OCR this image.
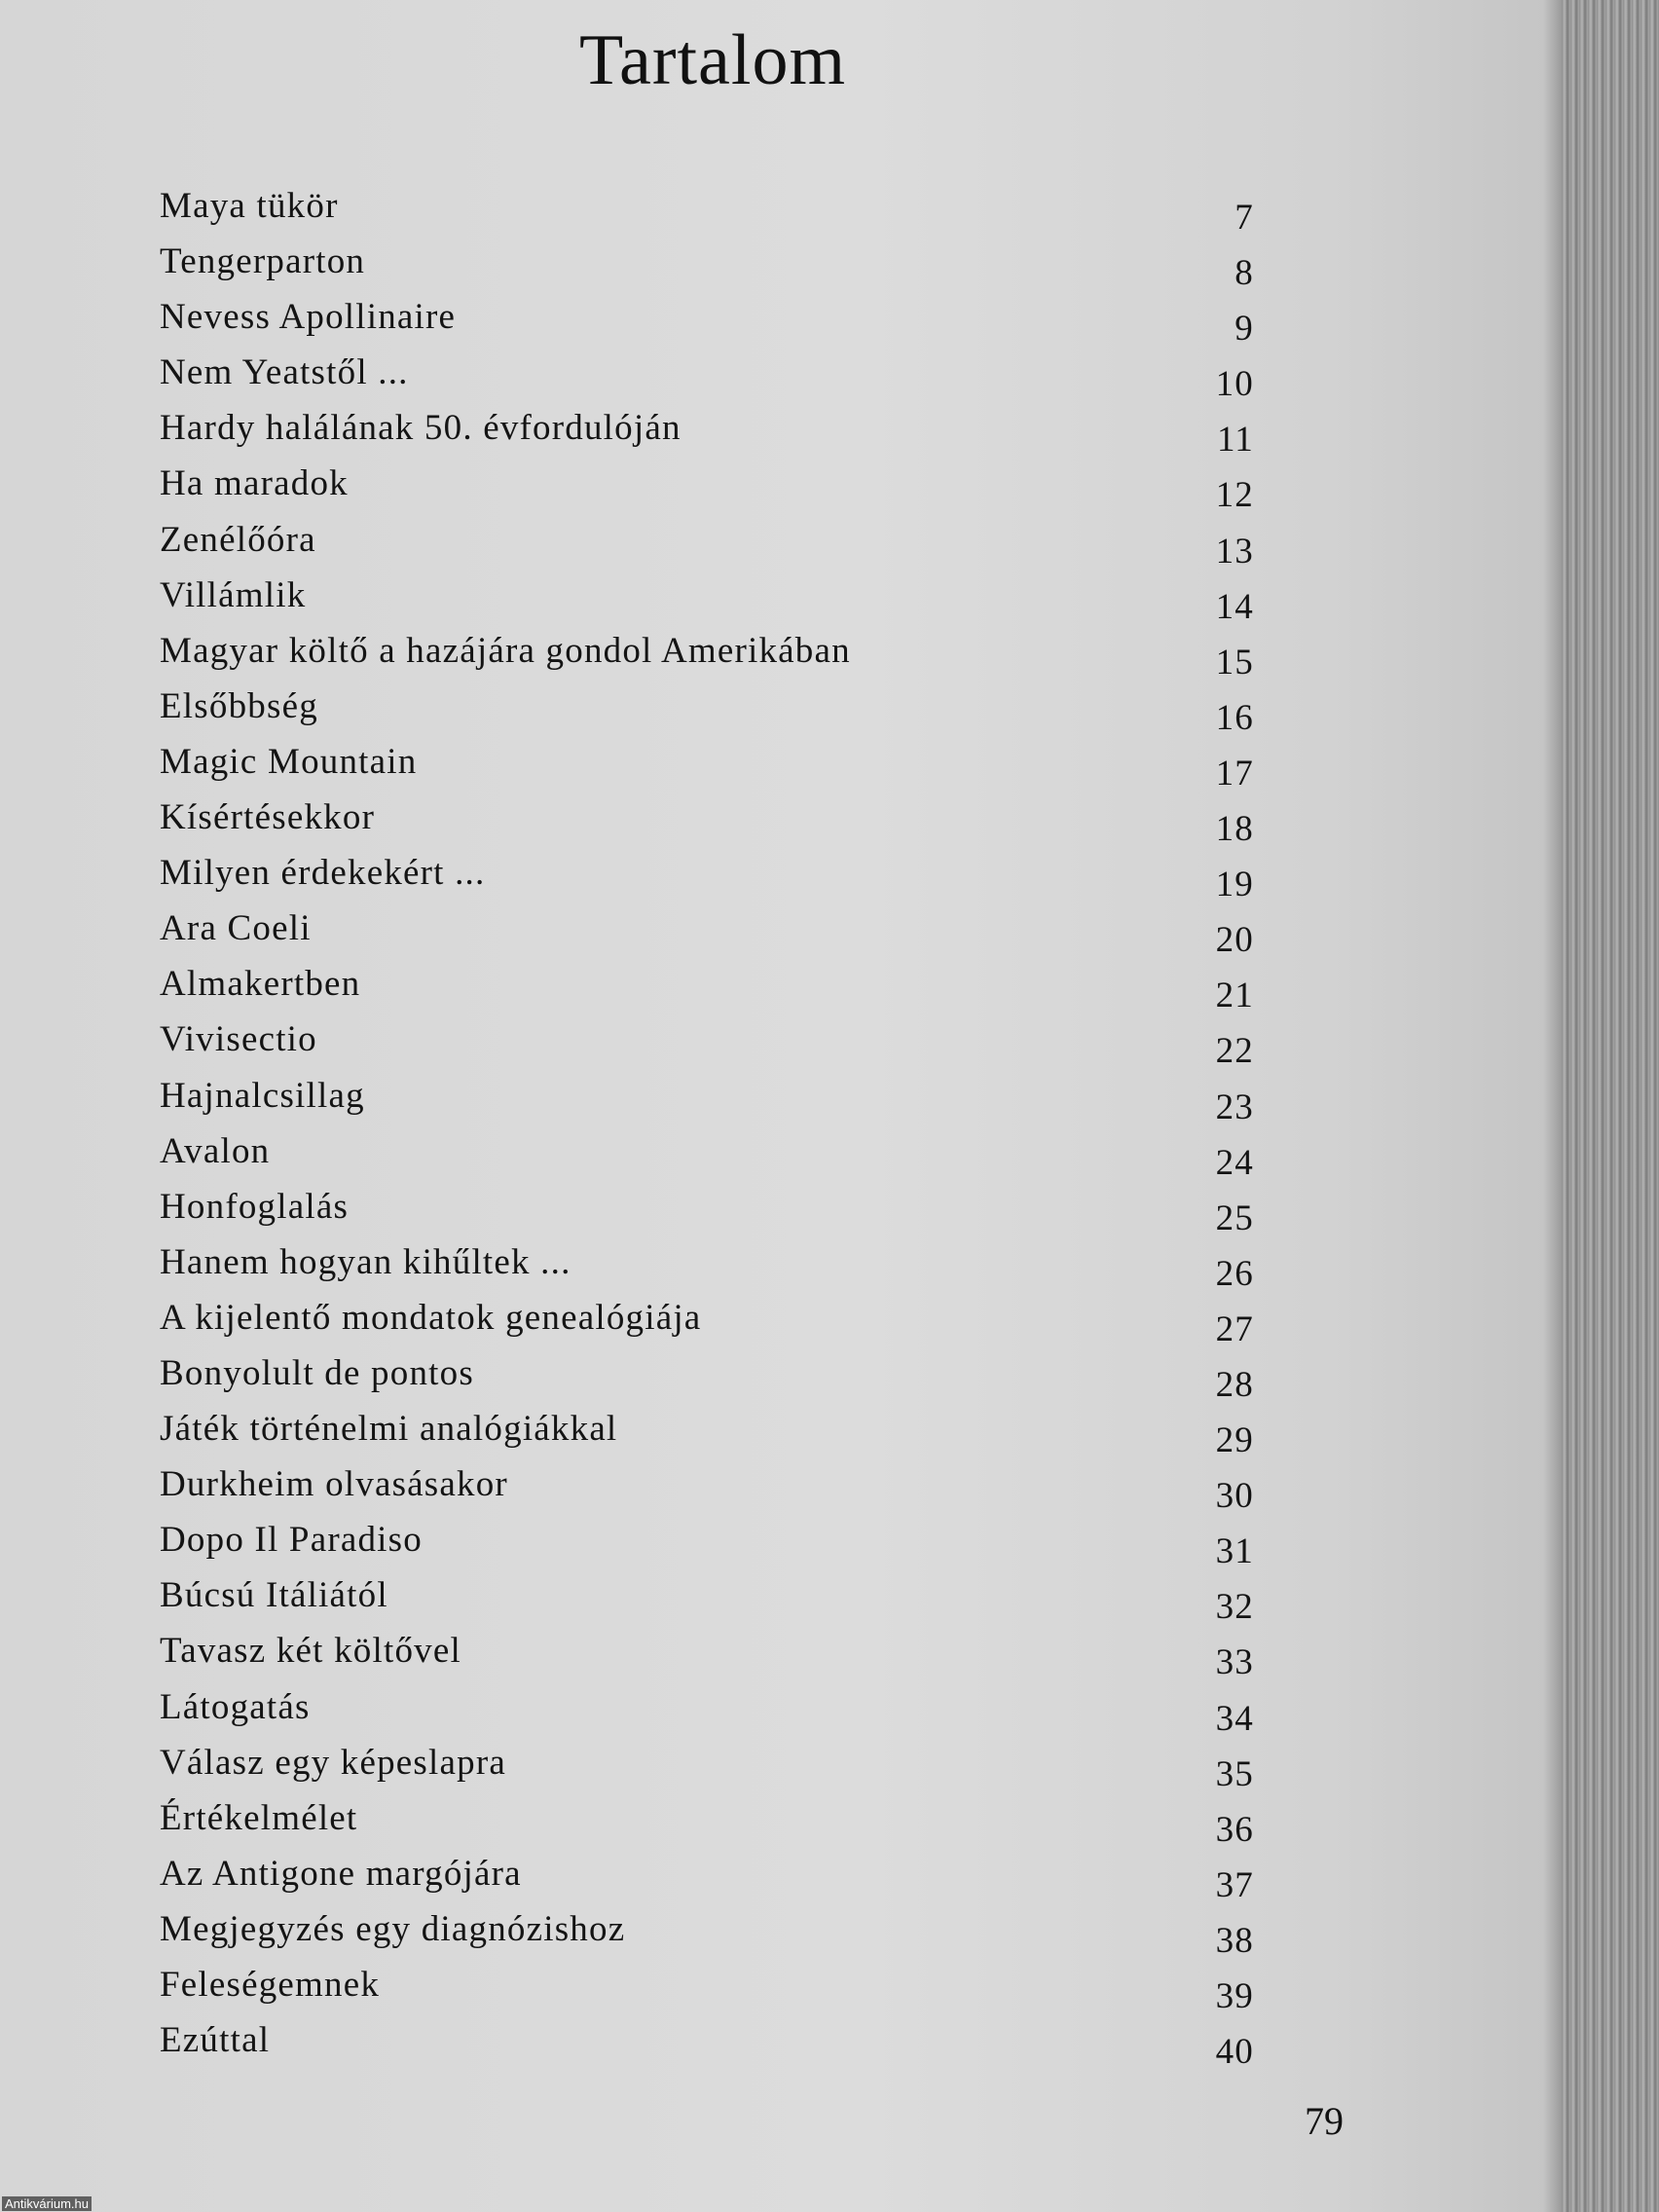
Tartalom
Maya tükör	7
Tengerparton	8
Nevess Apollinaire	9
Nem Yeatstől ...	10
Hardy halálának 50. évfordulóján	11
Ha maradok	12
Zenélőóra	13
Villámlik	14
Magyar költő a hazájára gondol Amerikában	15
Elsőbbség	16
Magic Mountain	17
Kísértésekkor	18
Milyen érdekekért ...	19
Ara Coeli	20
Almakertben	21
Vivisectio	22
Hajnalcsillag	23
Avalon	24
Honfoglalás	25
Hanem hogyan kihűltek ...	26
A kijelentő mondatok genealógiája	27
Bonyolult de pontos	28
Játék történelmi analógiákkal	29
Durkheim olvasásakor	30
Dopo Il Paradiso	31
Búcsú Itáliától	32
Tavasz két költővel	33
Látogatás	34
Válasz egy képeslapra	35
Értékelmélet	36
Az Antigone margójára	37
Megjegyzés egy diagnózishoz	38
Feleségemnek	39
Ezúttal	40
79
Antikvárium.hu
